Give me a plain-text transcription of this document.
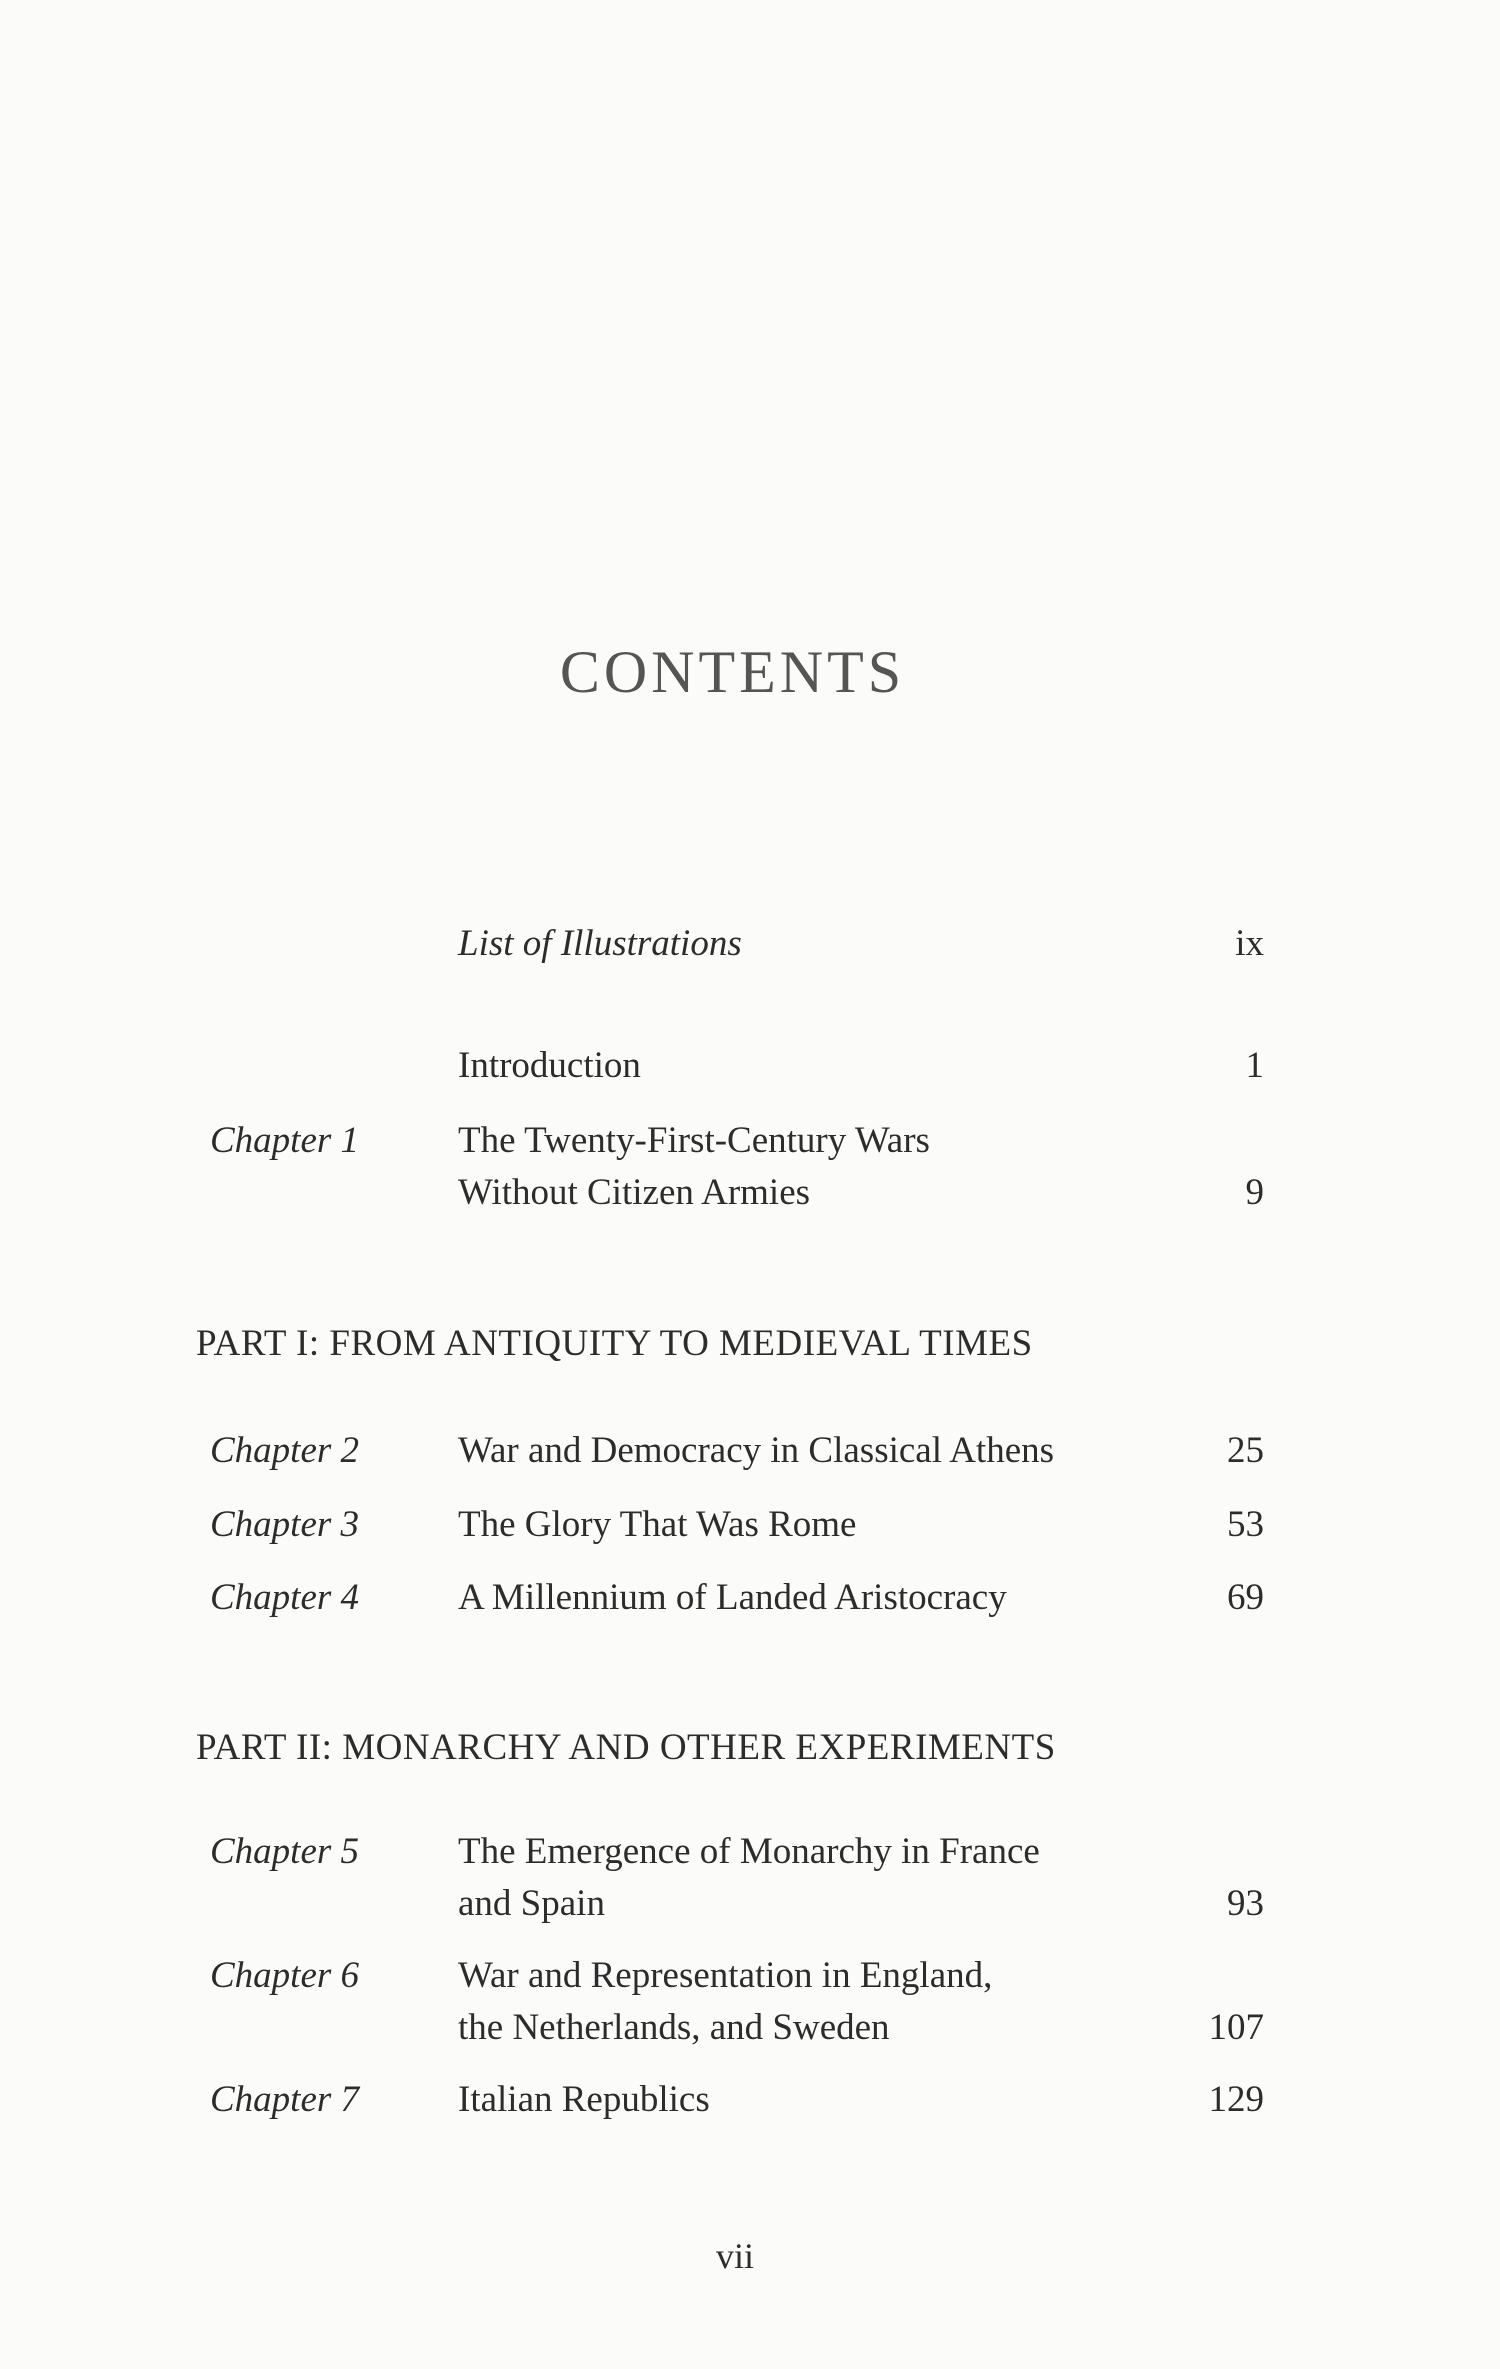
CONTENTS
List of Illustrations	ix
Introduction	1
Chapter 1	The Twenty-First-Century Wars
Without Citizen Armies	9
PART I: FROM ANTIQUITY TO MEDIEVAL TIMES
Chapter 2	War and Democracy in Classical Athens	25
Chapter 3	The Glory That Was Rome	53
Chapter 4	A Millennium of Landed Aristocracy	69
PART II: MONARCHY AND OTHER EXPERIMENTS
Chapter 5	The Emergence of Monarchy in France
and Spain	93
Chapter 6	War and Representation in England,
the Netherlands, and Sweden	107
Chapter 7	Italian Republics	129
vii
